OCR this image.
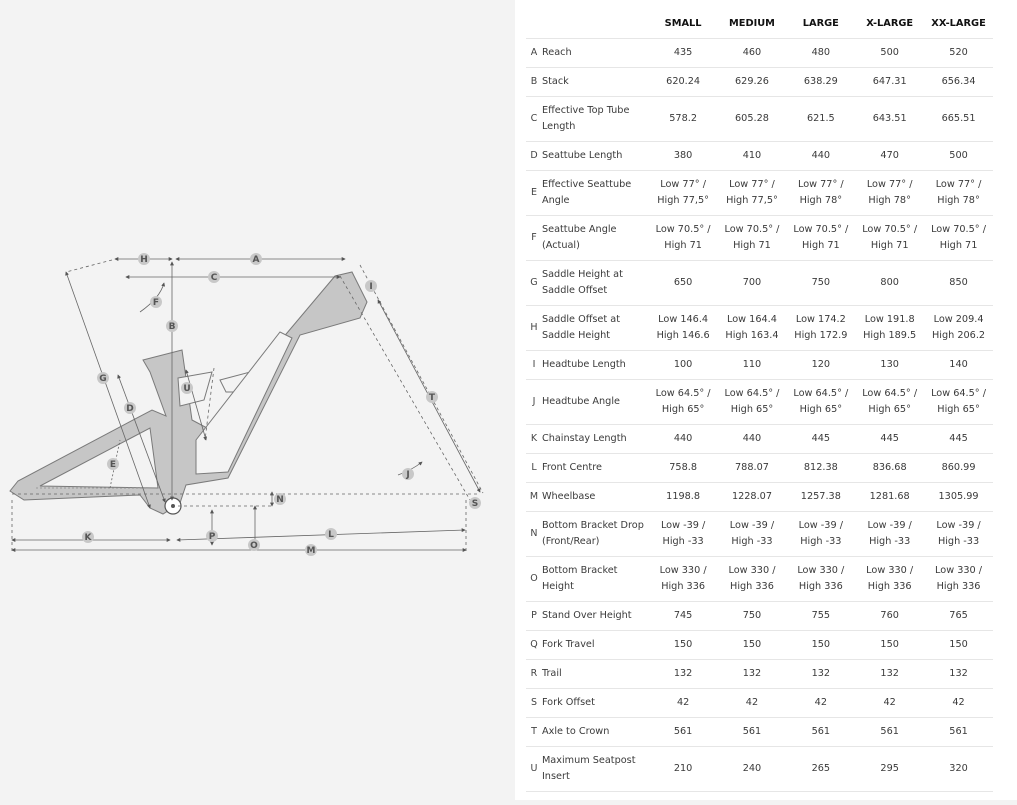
H	A
C
I
F
B
G
U
T
D
E
J
N	S
K	P	L
O	M
		SMALL	MEDIUM	LARGE	X-LARGE	XX-LARGE
A	Reach	435	460	480	500	520
B	Stack	620.24	629.26	638.29	647.31	656.34
C	Effective Top Tube Length	578.2	605.28	621.5	643.51	665.51
D	Seattube Length	380	410	440	470	500
E	Effective Seattube Angle	Low 77° / High 77,5°	Low 77° / High 77,5°	Low 77° / High 78°	Low 77° / High 78°	Low 77° / High 78°
F	Seattube Angle (Actual)	Low 70.5° / High 71	Low 70.5° / High 71	Low 70.5° / High 71	Low 70.5° / High 71	Low 70.5° / High 71
G	Saddle Height at Saddle Offset	650	700	750	800	850
H	Saddle Offset at Saddle Height	Low 146.4 High 146.6	Low 164.4 High 163.4	Low 174.2 High 172.9	Low 191.8 High 189.5	Low 209.4 High 206.2
I	Headtube Length	100	110	120	130	140
J	Headtube Angle	Low 64.5° / High 65°	Low 64.5° / High 65°	Low 64.5° / High 65°	Low 64.5° / High 65°	Low 64.5° / High 65°
K	Chainstay Length	440	440	445	445	445
L	Front Centre	758.8	788.07	812.38	836.68	860.99
M	Wheelbase	1198.8	1228.07	1257.38	1281.68	1305.99
N	Bottom Bracket Drop (Front/Rear)	Low -39 / High -33	Low -39 / High -33	Low -39 / High -33	Low -39 / High -33	Low -39 / High -33
O	Bottom Bracket Height	Low 330 / High 336	Low 330 / High 336	Low 330 / High 336	Low 330 / High 336	Low 330 / High 336
P	Stand Over Height	745	750	755	760	765
Q	Fork Travel	150	150	150	150	150
R	Trail	132	132	132	132	132
S	Fork Offset	42	42	42	42	42
T	Axle to Crown	561	561	561	561	561
U	Maximum Seatpost Insert	210	240	265	295	320
